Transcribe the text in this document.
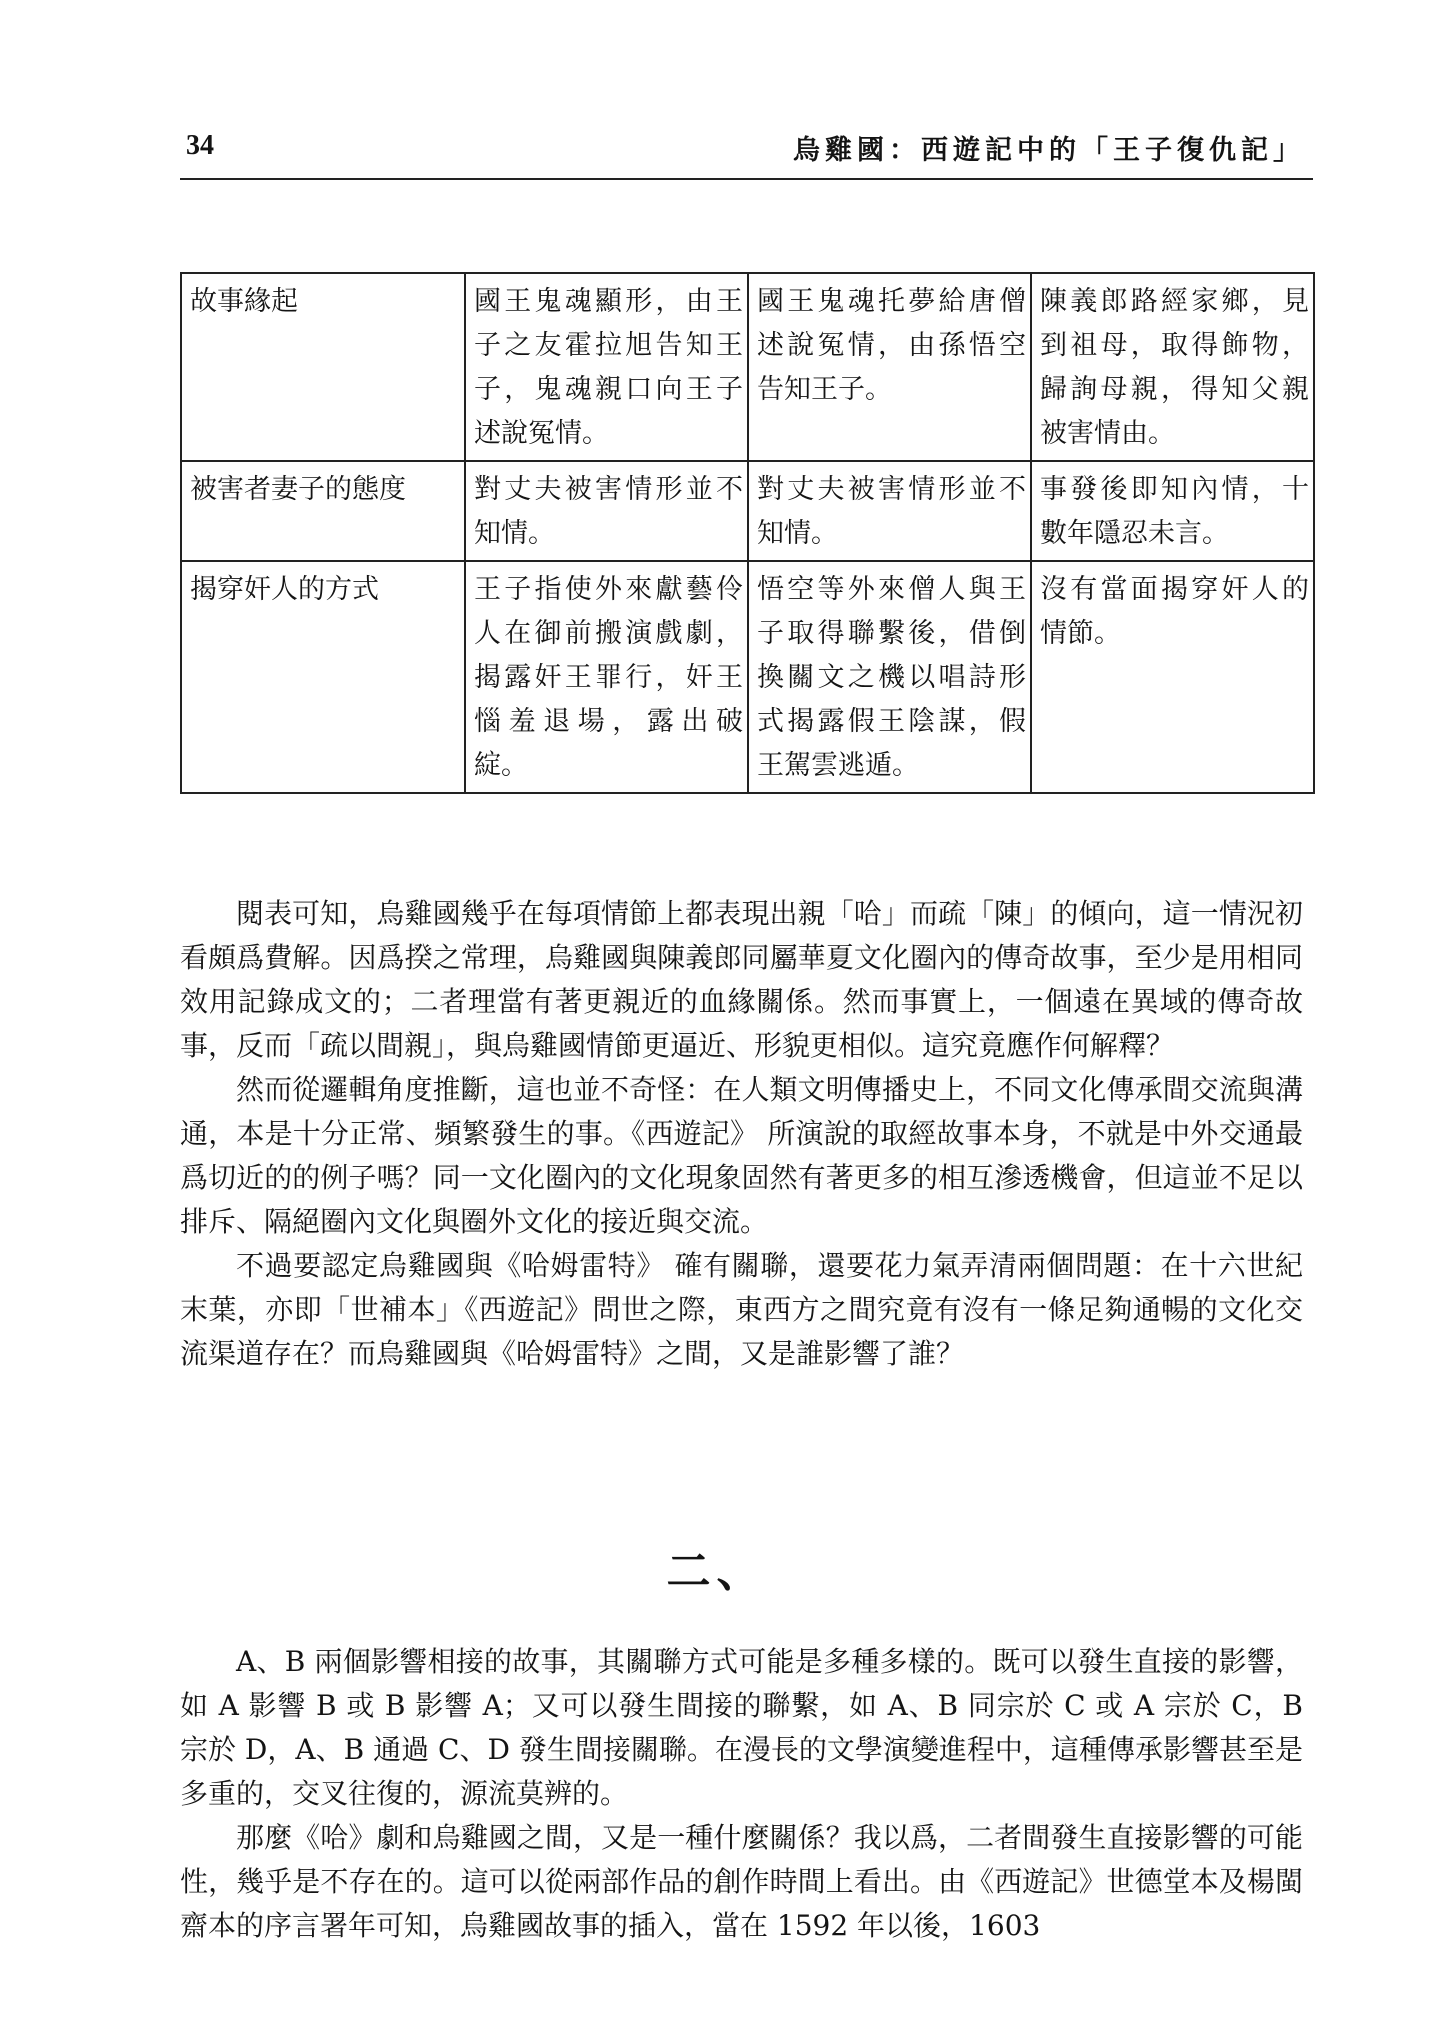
34	烏雞國：西遊記中的「王子復仇記」
故事緣起	國王鬼魂顯形，由王子之友霍拉旭告知王子，鬼魂親口向王子述說冤情。	國王鬼魂托夢給唐僧述說冤情，由孫悟空告知王子。	陳義郎路經家鄉，見到祖母，取得飾物，歸詢母親，得知父親被害情由。
被害者妻子的態度	對丈夫被害情形並不知情。	對丈夫被害情形並不知情。	事發後即知內情，十數年隱忍未言。
揭穿奸人的方式	王子指使外來獻藝伶人在御前搬演戲劇，揭露奸王罪行，奸王惱羞退場，露出破綻。	悟空等外來僧人與王子取得聯繫後，借倒換關文之機以唱詩形式揭露假王陰謀，假王駕雲逃遁。	沒有當面揭穿奸人的情節。

閱表可知，烏雞國幾乎在每項情節上都表現出親「哈」而疏「陳」的傾向，這一情況初看頗爲費解。因爲揆之常理，烏雞國與陳義郎同屬華夏文化圈內的傳奇故事，至少是用相同效用記錄成文的；二者理當有著更親近的血緣關係。然而事實上，一個遠在異域的傳奇故事，反而「疏以間親」，與烏雞國情節更逼近、形貌更相似。這究竟應作何解釋？

然而從邏輯角度推斷，這也並不奇怪：在人類文明傳播史上，不同文化傳承間交流與溝通，本是十分正常、頻繁發生的事。《西遊記》 所演說的取經故事本身，不就是中外交通最爲切近的的例子嗎？同一文化圈內的文化現象固然有著更多的相互滲透機會，但這並不足以排斥、隔絕圈內文化與圈外文化的接近與交流。

不過要認定烏雞國與《哈姆雷特》 確有關聯，還要花力氣弄清兩個問題：在十六世紀末葉，亦即「世補本」《西遊記》問世之際，東西方之間究竟有沒有一條足夠通暢的文化交流渠道存在？而烏雞國與《哈姆雷特》之間，又是誰影響了誰？

二、

A、B 兩個影響相接的故事，其關聯方式可能是多種多樣的。既可以發生直接的影響，如 A 影響 B 或 B 影響 A；又可以發生間接的聯繫，如 A、B 同宗於 C 或 A 宗於 C，B 宗於 D，A、B 通過 C、D 發生間接關聯。在漫長的文學演變進程中，這種傳承影響甚至是多重的，交叉往復的，源流莫辨的。

那麼《哈》劇和烏雞國之間，又是一種什麼關係？我以爲，二者間發生直接影響的可能性，幾乎是不存在的。這可以從兩部作品的創作時間上看出。由《西遊記》世德堂本及楊閩齋本的序言署年可知，烏雞國故事的插入，當在 1592 年以後，1603
